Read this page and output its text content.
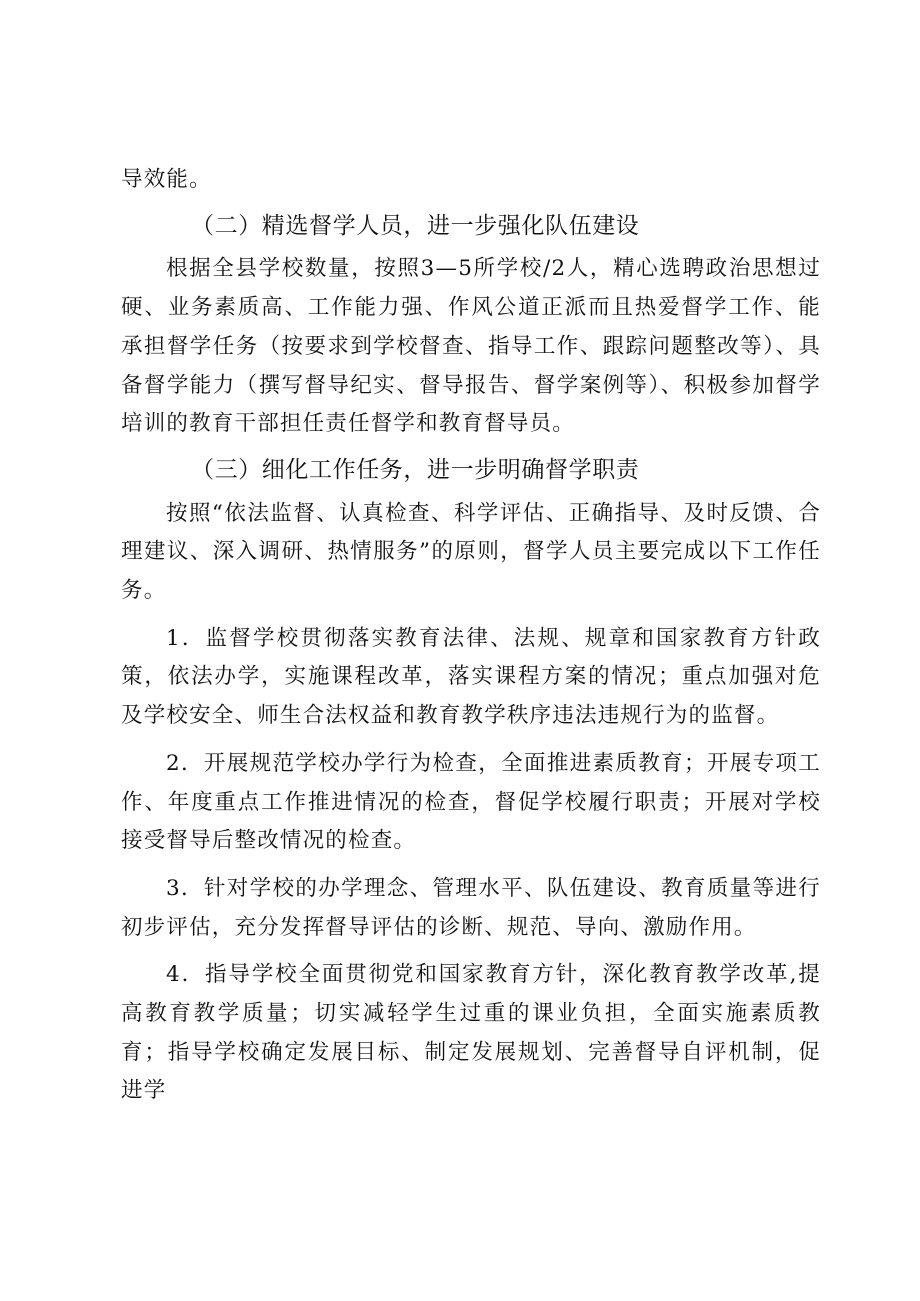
导效能。

（二）精选督学人员，进一步强化队伍建设

根据全县学校数量，按照3—5所学校/2人，精心选聘政治思想过硬、业务素质高、工作能力强、作风公道正派而且热爱督学工作、能承担督学任务（按要求到学校督查、指导工作、跟踪问题整改等）、具备督学能力（撰写督导纪实、督导报告、督学案例等）、积极参加督学培训的教育干部担任责任督学和教育督导员。

（三）细化工作任务，进一步明确督学职责

按照“依法监督、认真检查、科学评估、正确指导、及时反馈、合理建议、深入调研、热情服务”的原则，督学人员主要完成以下工作任务。

1．监督学校贯彻落实教育法律、法规、规章和国家教育方针政策，依法办学，实施课程改革，落实课程方案的情况；重点加强对危及学校安全、师生合法权益和教育教学秩序违法违规行为的监督。

2．开展规范学校办学行为检查，全面推进素质教育；开展专项工作、年度重点工作推进情况的检查，督促学校履行职责；开展对学校接受督导后整改情况的检查。

3．针对学校的办学理念、管理水平、队伍建设、教育质量等进行初步评估，充分发挥督导评估的诊断、规范、导向、激励作用。

4．指导学校全面贯彻党和国家教育方针，深化教育教学改革,提高教育教学质量；切实减轻学生过重的课业负担，全面实施素质教育；指导学校确定发展目标、制定发展规划、完善督导自评机制，促进学
